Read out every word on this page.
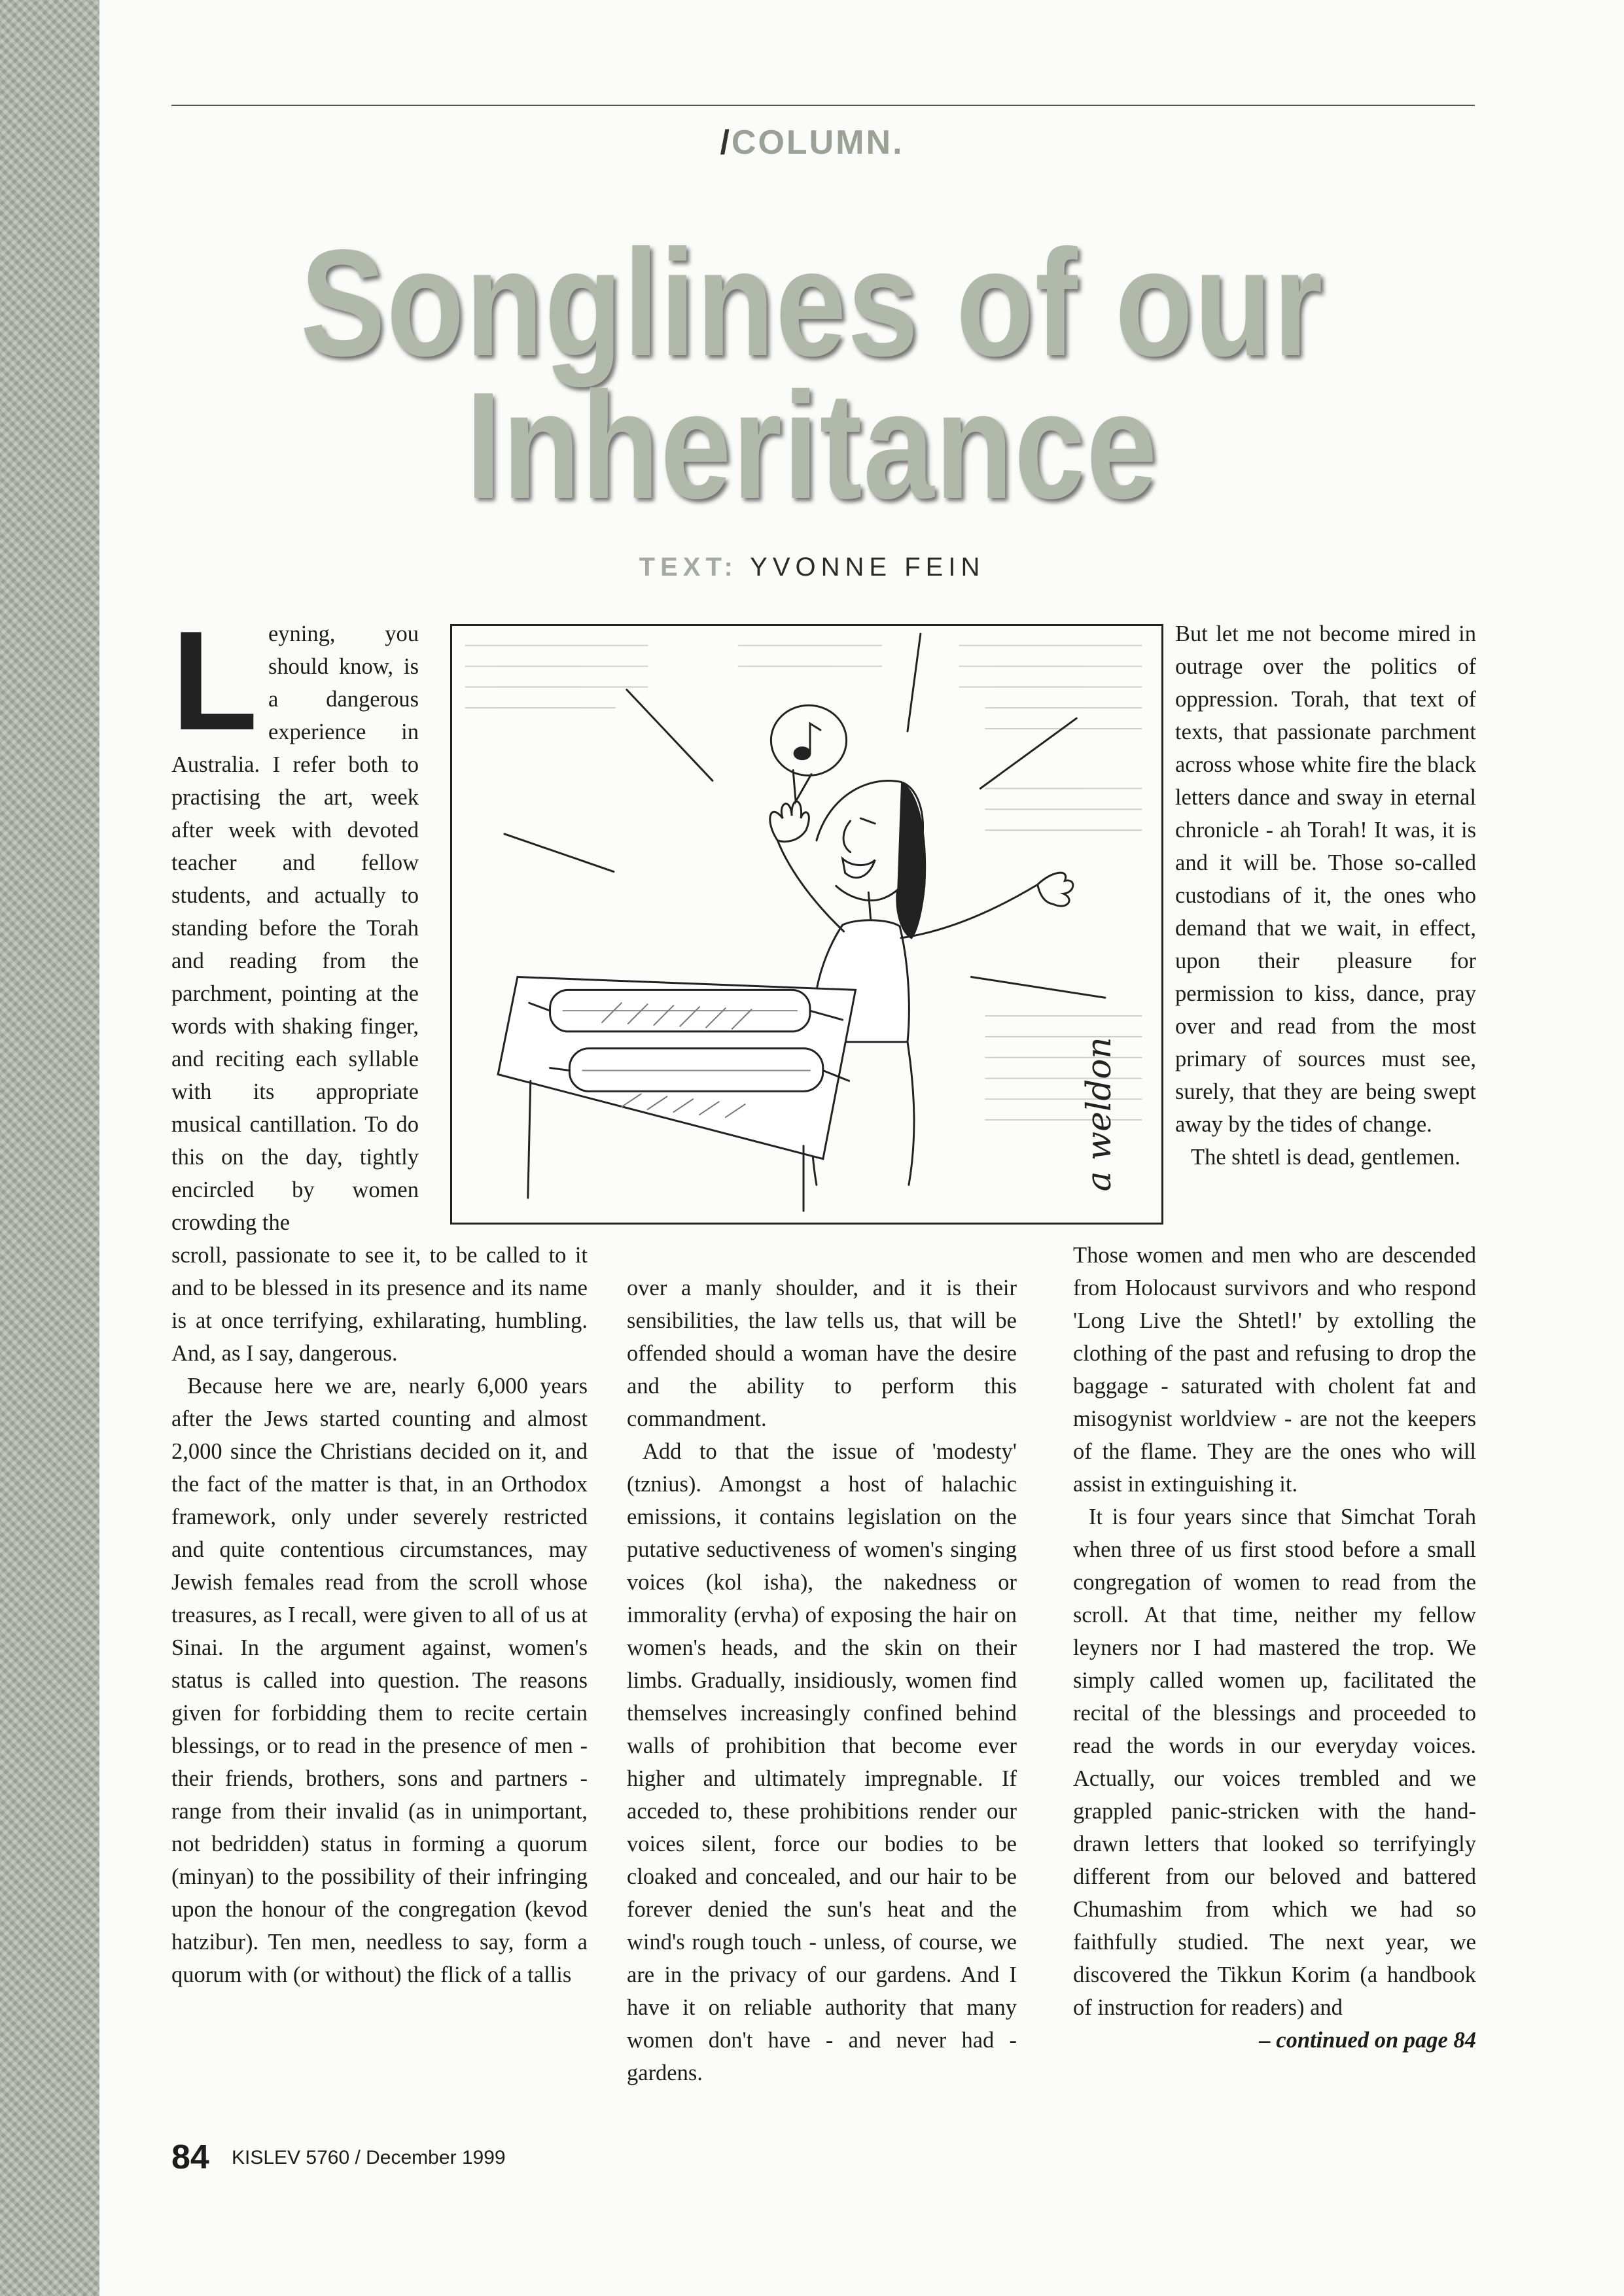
/COLUMN.
Songlines of our
Inheritance
TEXT: YVONNE FEIN

Leyning, you should know, is a dangerous experience in Australia. I refer both to practising the art, week after week with devoted teacher and fellow students, and actually to standing before the Torah and reading from the parchment, pointing at the words with shaking finger, and reciting each syllable with its appropriate musical cantillation. To do this on the day, tightly encircled by women crowding the

a weldon

But let me not become mired in outrage over the politics of oppression. Torah, that text of texts, that passionate parchment across whose white fire the black letters dance and sway in eternal chronicle - ah Torah! It was, it is and it will be. Those so-called custodians of it, the ones who demand that we wait, in effect, upon their pleasure for permission to kiss, dance, pray over and read from the most primary of sources must see, surely, that they are being swept away by the tides of change.

The shtetl is dead, gentlemen.

scroll, passionate to see it, to be called to it and to be blessed in its presence and its name is at once terrifying, exhilarating, humbling. And, as I say, dangerous.

Because here we are, nearly 6,000 years after the Jews started counting and almost 2,000 since the Christians decided on it, and the fact of the matter is that, in an Orthodox framework, only under severely restricted and quite contentious circumstances, may Jewish females read from the scroll whose treasures, as I recall, were given to all of us at Sinai. In the argument against, women's status is called into question. The reasons given for forbidding them to recite certain blessings, or to read in the presence of men - their friends, brothers, sons and partners - range from their invalid (as in unimportant, not bedridden) status in forming a quorum (minyan) to the possibility of their infringing upon the honour of the congregation (kevod hatzibur). Ten men, needless to say, form a quorum with (or without) the flick of a tallis

over a manly shoulder, and it is their sensibilities, the law tells us, that will be offended should a woman have the desire and the ability to perform this commandment.

Add to that the issue of 'modesty' (tznius). Amongst a host of halachic emissions, it contains legislation on the putative seductiveness of women's singing voices (kol isha), the nakedness or immorality (ervha) of exposing the hair on women's heads, and the skin on their limbs. Gradually, insidiously, women find themselves increasingly confined behind walls of prohibition that become ever higher and ultimately impregnable. If acceded to, these prohibitions render our voices silent, force our bodies to be cloaked and concealed, and our hair to be forever denied the sun's heat and the wind's rough touch - unless, of course, we are in the privacy of our gardens. And I have it on reliable authority that many women don't have - and never had - gardens.

Those women and men who are descended from Holocaust survivors and who respond 'Long Live the Shtetl!' by extolling the clothing of the past and refusing to drop the baggage - saturated with cholent fat and misogynist worldview - are not the keepers of the flame. They are the ones who will assist in extinguishing it.

It is four years since that Simchat Torah when three of us first stood before a small congregation of women to read from the scroll. At that time, neither my fellow leyners nor I had mastered the trop. We simply called women up, facilitated the recital of the blessings and proceeded to read the words in our everyday voices. Actually, our voices trembled and we grappled panic-stricken with the hand-drawn letters that looked so terrifyingly different from our beloved and battered Chumashim from which we had so faithfully studied. The next year, we discovered the Tikkun Korim (a handbook of instruction for readers) and

– continued on page 84
84 KISLEV 5760 / December 1999
